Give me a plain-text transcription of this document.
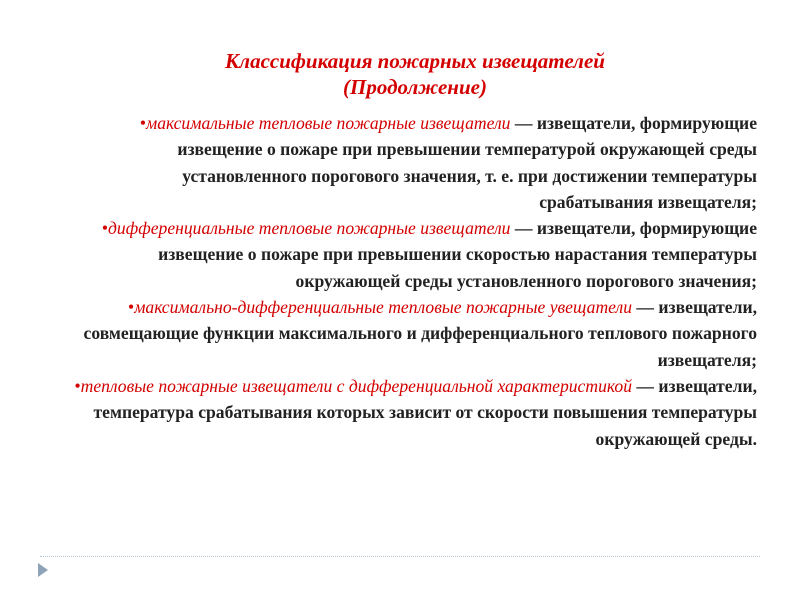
Классификация пожарных извещателей
(Продолжение)
•максимальные тепловые пожарные извещатели — извещатели, формирующие извещение о пожаре при превышении температурой окружающей среды установленного порогового значения, т. е. при достижении температуры срабатывания извещателя;
•дифференциальные тепловые пожарные извещатели — извещатели, формирующие извещение о пожаре при превышении скоростью нарастания температуры окружающей среды установленного порогового значения;
•максимально-дифференциальные тепловые пожарные увещатели — извещатели, совмещающие функции максимального и дифференциального теплового пожарного извещателя;
•тепловые пожарные извещатели с дифференциальной характеристикой — извещатели, температура срабатывания которых зависит от скорости повышения температуры окружающей среды.
